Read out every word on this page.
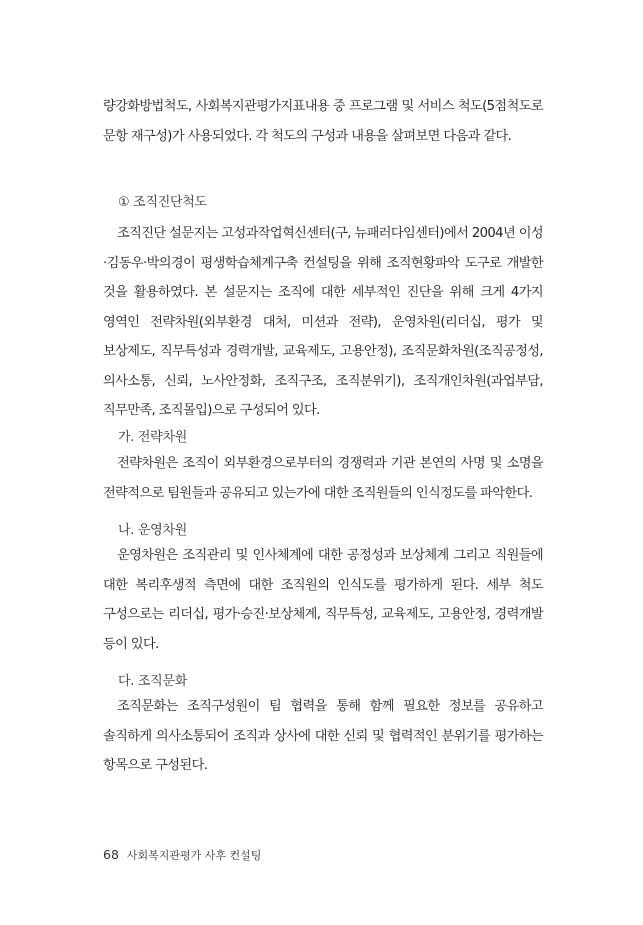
량강화방법척도, 사회복지관평가지표내용 중 프로그램 및 서비스 척도(5점척도로 문항 재구성)가 사용되었다. 각 척도의 구성과 내용을 살펴보면 다음과 같다.

① 조직진단척도

조직진단 설문지는 고성과작업혁신센터(구, 뉴패러다임센터)에서 2004년 이성·김동우·박의경이 평생학습체계구축 컨설팅을 위해 조직현황파악 도구로 개발한 것을 활용하였다. 본 설문지는 조직에 대한 세부적인 진단을 위해 크게 4가지 영역인 전략차원(외부환경 대처, 미션과 전략), 운영차원(리더십, 평가 및 보상제도, 직무특성과 경력개발, 교육제도, 고용안정), 조직문화차원(조직공정성, 의사소통, 신뢰, 노사안정화, 조직구조, 조직분위기), 조직개인차원(과업부담, 직무만족, 조직몰입)으로 구성되어 있다.

가. 전략차원

전략차원은 조직이 외부환경으로부터의 경쟁력과 기관 본연의 사명 및 소명을 전략적으로 팀원들과 공유되고 있는가에 대한 조직원들의 인식정도를 파악한다.

나. 운영차원

운영차원은 조직관리 및 인사체계에 대한 공정성과 보상체계 그리고 직원들에 대한 복리후생적 측면에 대한 조직원의 인식도를 평가하게 된다. 세부 척도 구성으로는 리더십, 평가·승진·보상체계, 직무특성, 교육제도, 고용안정, 경력개발 등이 있다.

다. 조직문화

조직문화는 조직구성원이 팀 협력을 통해 함께 필요한 정보를 공유하고 솔직하게 의사소통되어 조직과 상사에 대한 신뢰 및 협력적인 분위기를 평가하는 항목으로 구성된다.

68 사회복지관평가 사후 컨설팅
